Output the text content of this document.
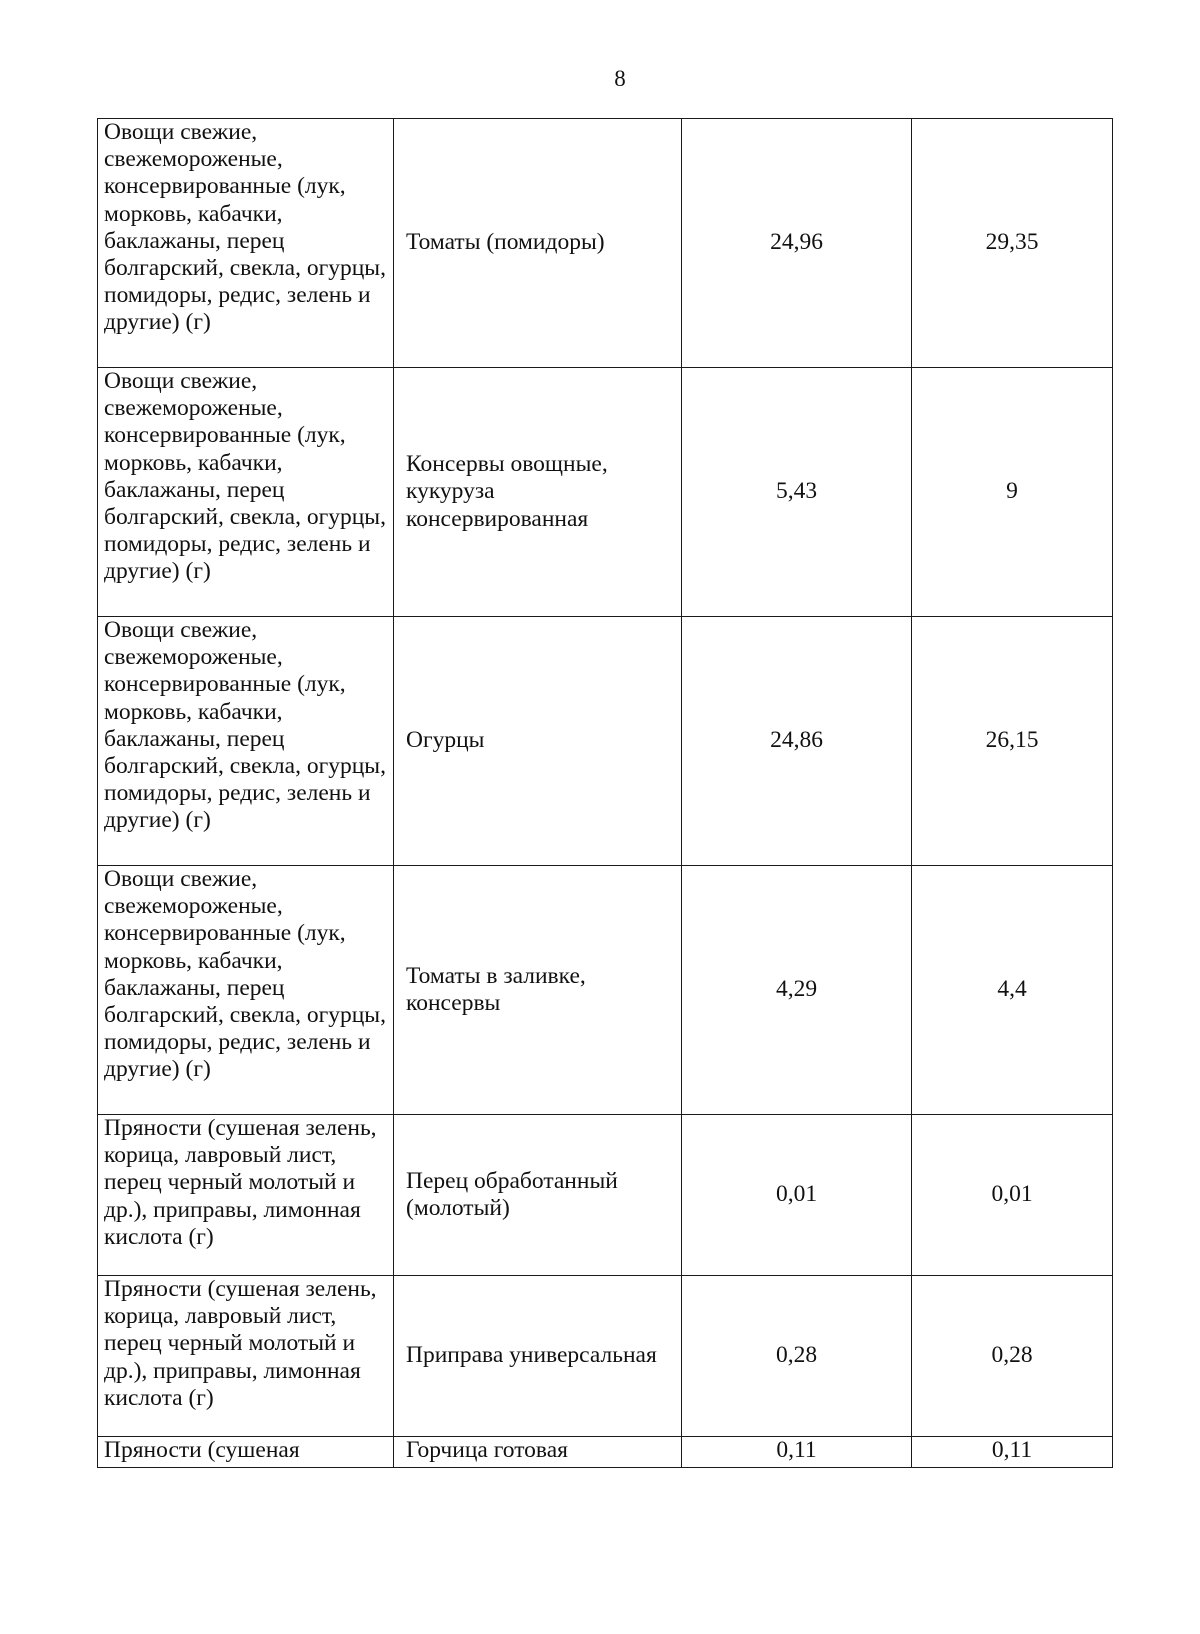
8
Овощи свежие, свежемороженые, консервированные (лук, морковь, кабачки, баклажаны, перец болгарский, свекла, огурцы, помидоры, редис, зелень и другие) (г)	Томаты (помидоры)	24,96	29,35

Овощи свежие, свежемороженые, консервированные (лук, морковь, кабачки, баклажаны, перец болгарский, свекла, огурцы, помидоры, редис, зелень и другие) (г)	Консервы овощные, кукуруза консервированная	5,43	9

Овощи свежие, свежемороженые, консервированные (лук, морковь, кабачки, баклажаны, перец болгарский, свекла, огурцы, помидоры, редис, зелень и другие) (г)	Огурцы	24,86	26,15

Овощи свежие, свежемороженые, консервированные (лук, морковь, кабачки, баклажаны, перец болгарский, свекла, огурцы, помидоры, редис, зелень и другие) (г)	Томаты в заливке, консервы	4,29	4,4

Пряности (сушеная зелень, корица, лавровый лист, перец черный молотый и др.), приправы, лимонная кислота (г)	Перец обработанный (молотый)	0,01	0,01

Пряности (сушеная зелень, корица, лавровый лист, перец черный молотый и др.), приправы, лимонная кислота (г)	Приправа универсальная	0,28	0,28

Пряности (сушеная	Горчица готовая	0,11	0,11
